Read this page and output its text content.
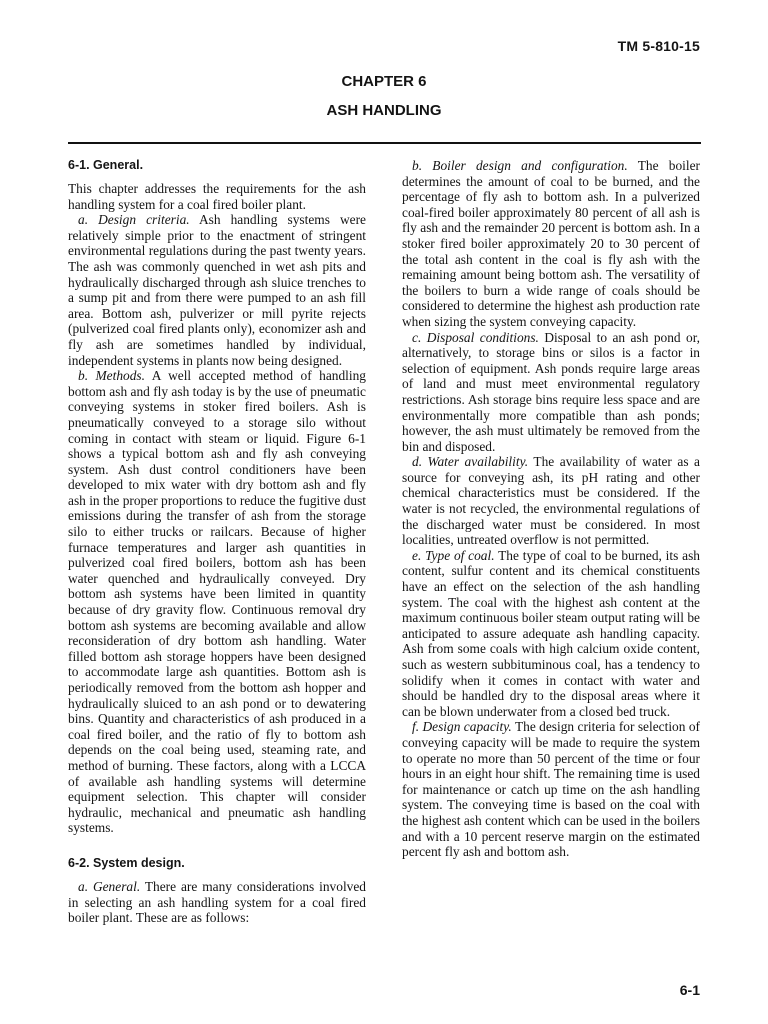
TM 5-810-15
CHAPTER 6
ASH HANDLING
6-1. General.

This chapter addresses the requirements for the ash handling system for a coal fired boiler plant.

a. Design criteria. Ash handling systems were relatively simple prior to the enactment of stringent environmental regulations during the past twenty years. The ash was commonly quenched in wet ash pits and hydraulically discharged through ash sluice trenches to a sump pit and from there were pumped to an ash fill area. Bottom ash, pulverizer or mill pyrite rejects (pulverized coal fired plants only), economizer ash and fly ash are sometimes handled by individual, independent systems in plants now being designed.

b. Methods. A well accepted method of handling bottom ash and fly ash today is by the use of pneumatic conveying systems in stoker fired boilers. Ash is pneumatically conveyed to a storage silo without coming in contact with steam or liquid. Figure 6-1 shows a typical bottom ash and fly ash conveying system. Ash dust control conditioners have been developed to mix water with dry bottom ash and fly ash in the proper proportions to reduce the fugitive dust emissions during the transfer of ash from the storage silo to either trucks or railcars. Because of higher furnace temperatures and larger ash quantities in pulverized coal fired boilers, bottom ash has been water quenched and hydraulically conveyed. Dry bottom ash systems have been limited in quantity because of dry gravity flow. Continuous removal dry bottom ash systems are becoming available and allow reconsideration of dry bottom ash handling. Water filled bottom ash storage hoppers have been designed to accommodate large ash quantities. Bottom ash is periodically removed from the bottom ash hopper and hydraulically sluiced to an ash pond or to dewatering bins. Quantity and characteristics of ash produced in a coal fired boiler, and the ratio of fly to bottom ash depends on the coal being used, steaming rate, and method of burning. These factors, along with a LCCA of available ash handling systems will determine equipment selection. This chapter will consider hydraulic, mechanical and pneumatic ash handling systems.

6-2. System design.

a. General. There are many considerations involved in selecting an ash handling system for a coal fired boiler plant. These are as follows:

b. Boiler design and configuration. The boiler determines the amount of coal to be burned, and the percentage of fly ash to bottom ash. In a pulverized coal-fired boiler approximately 80 percent of all ash is fly ash and the remainder 20 percent is bottom ash. In a stoker fired boiler approximately 20 to 30 percent of the total ash content in the coal is fly ash with the remaining amount being bottom ash. The versatility of the boilers to burn a wide range of coals should be considered to determine the highest ash production rate when sizing the system conveying capacity.

c. Disposal conditions. Disposal to an ash pond or, alternatively, to storage bins or silos is a factor in selection of equipment. Ash ponds require large areas of land and must meet environmental regulatory restrictions. Ash storage bins require less space and are environmentally more compatible than ash ponds; however, the ash must ultimately be removed from the bin and disposed.

d. Water availability. The availability of water as a source for conveying ash, its pH rating and other chemical characteristics must be considered. If the water is not recycled, the environmental regulations of the discharged water must be considered. In most localities, untreated overflow is not permitted.

e. Type of coal. The type of coal to be burned, its ash content, sulfur content and its chemical constituents have an effect on the selection of the ash handling system. The coal with the highest ash content at the maximum continuous boiler steam output rating will be anticipated to assure adequate ash handling capacity. Ash from some coals with high calcium oxide content, such as western subbituminous coal, has a tendency to solidify when it comes in contact with water and should be handled dry to the disposal areas where it can be blown underwater from a closed bed truck.

f. Design capacity. The design criteria for selection of conveying capacity will be made to require the system to operate no more than 50 percent of the time or four hours in an eight hour shift. The remaining time is used for maintenance or catch up time on the ash handling system. The conveying time is based on the coal with the highest ash content which can be used in the boilers and with a 10 percent reserve margin on the estimated percent fly ash and bottom ash.

6-1
